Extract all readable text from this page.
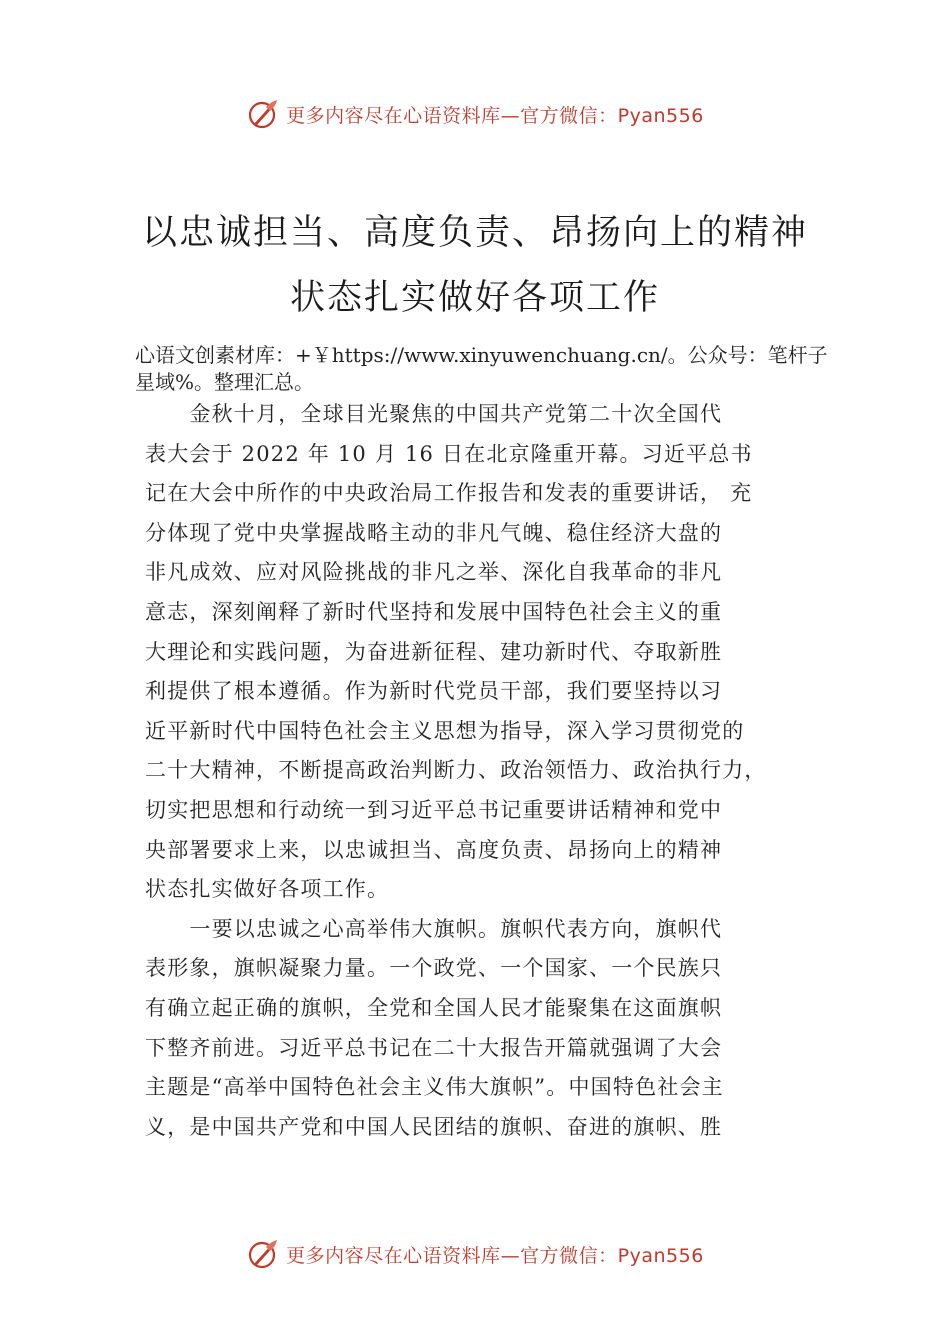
更多内容尽在心语资料库—官方微信：Pyan556
以忠诚担当、高度负责、昂扬向上的精神
状态扎实做好各项工作
心语文创素材库：+￥https://www.xinyuwenchuang.cn/。公众号：笔杆子星域%。整理汇总。
　　金秋十月，全球目光聚焦的中国共产党第二十次全国代
表大会于 2022 年 10 月 16 日在北京隆重开幕。习近平总书
记在大会中所作的中央政治局工作报告和发表的重要讲话， 充
分体现了党中央掌握战略主动的非凡气魄、稳住经济大盘的
非凡成效、应对风险挑战的非凡之举、深化自我革命的非凡
意志，深刻阐释了新时代坚持和发展中国特色社会主义的重
大理论和实践问题，为奋进新征程、建功新时代、夺取新胜
利提供了根本遵循。作为新时代党员干部，我们要坚持以习
近平新时代中国特色社会主义思想为指导，深入学习贯彻党的
二十大精神，不断提高政治判断力、政治领悟力、政治执行力，
切实把思想和行动统一到习近平总书记重要讲话精神和党中
央部署要求上来，以忠诚担当、高度负责、昂扬向上的精神
状态扎实做好各项工作。
　　一要以忠诚之心高举伟大旗帜。旗帜代表方向，旗帜代
表形象，旗帜凝聚力量。一个政党、一个国家、一个民族只
有确立起正确的旗帜，全党和全国人民才能聚集在这面旗帜
下整齐前进。习近平总书记在二十大报告开篇就强调了大会
主题是“高举中国特色社会主义伟大旗帜”。中国特色社会主
义，是中国共产党和中国人民团结的旗帜、奋进的旗帜、胜
更多内容尽在心语资料库—官方微信：Pyan556
